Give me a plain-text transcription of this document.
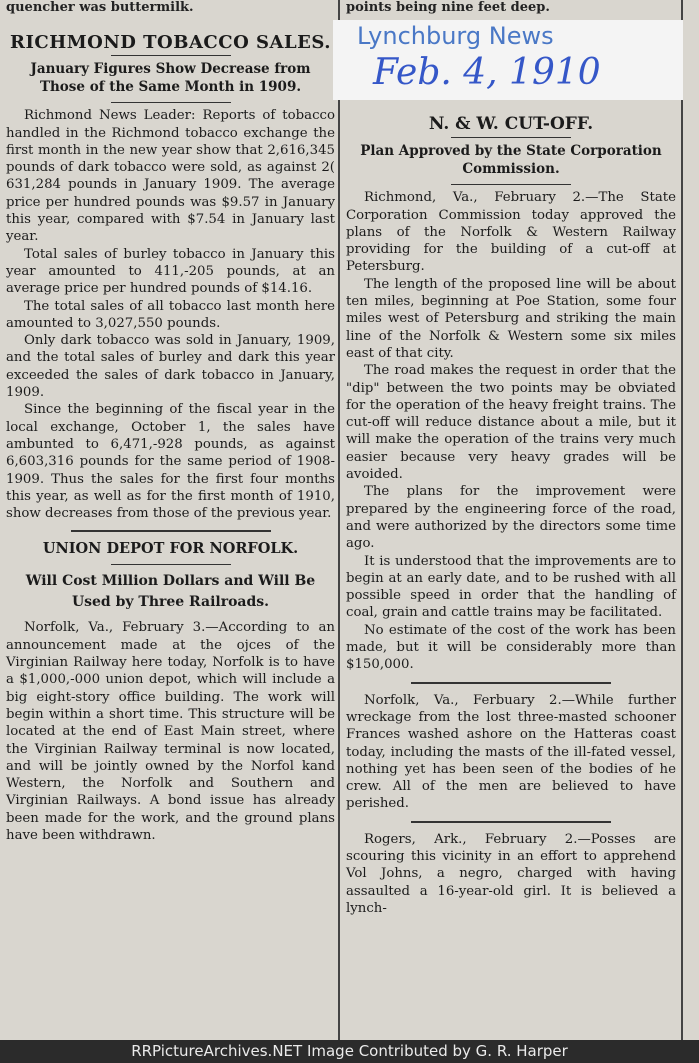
quencher was buttermilk.	points being nine feet deep.
RICHMOND TOBACCO SALES.
January Figures Show Decrease from Those of the Same Month in 1909.

Richmond News Leader: Reports of tobacco handled in the Richmond tobacco exchange the first month in the new year show that 2,616,345 pounds of dark tobacco were sold, as against 2( 631,284 pounds in January 1909. The average price per hundred pounds was $9.57 in January this year, compared with $7.54 in January last year.

Total sales of burley tobacco in January this year amounted to 411,-205 pounds, at an average price per hundred pounds of $14.16.

The total sales of all tobacco last month here amounted to 3,027,550 pounds.

Only dark tobacco was sold in January, 1909, and the total sales of burley and dark this year exceeded the sales of dark tobacco in January, 1909.

Since the beginning of the fiscal year in the local exchange, October 1, the sales have ambunted to 6,471,-928 pounds, as against 6,603,316 pounds for the same period of 1908-1909. Thus the sales for the first four months this year, as well as for the first month of 1910, show decreases from those of the previous year.

UNION DEPOT FOR NORFOLK.
Will Cost Million Dollars and Will Be Used by Three Railroads.

Norfolk, Va., February 3.—According to an announcement made at the ojces of the Virginian Railway here today, Norfolk is to have a $1,000,-000 union depot, which will include a big eight-story office building. The work will begin within a short time. This structure will be located at the end of East Main street, where the Virginian Railway terminal is now located, and will be jointly owned by the Norfol kand Western, the Norfolk and Southern and Virginian Railways. A bond issue has already been made for the work, and the ground plans have been withdrawn.

N. & W. CUT-OFF.
Plan Approved by the State Corporation Commission.

Richmond, Va., February 2.—The State Corporation Commission today approved the plans of the Norfolk & Western Railway providing for the building of a cut-off at Petersburg.

The length of the proposed line will be about ten miles, beginning at Poe Station, some four miles west of Petersburg and striking the main line of the Norfolk & Western some six miles east of that city.

The road makes the request in order that the "dip" between the two points may be obviated for the operation of the heavy freight trains. The cut-off will reduce distance about a mile, but it will make the operation of the trains very much easier because very heavy grades will be avoided.

The plans for the improvement were prepared by the engineering force of the road, and were authorized by the directors some time ago.

It is understood that the improvements are to begin at an early date, and to be rushed with all possible speed in order that the handling of coal, grain and cattle trains may be facilitated.

No estimate of the cost of the work has been made, but it will be considerably more than $150,000.

Norfolk, Va., Ferbuary 2.—While further wreckage from the lost three-masted schooner Frances washed ashore on the Hatteras coast today, including the masts of the ill-fated vessel, nothing yet has been seen of the bodies of he crew. All of the men are believed to have perished.

Rogers, Ark., February 2.—Posses are scouring this vicinity in an effort to apprehend Vol Johns, a negro, charged with having assaulted a 16-year-old girl. It is believed a lynch-

Lynchburg News
Feb. 4, 1910
RRPictureArchives.NET Image Contributed by G. R. Harper
